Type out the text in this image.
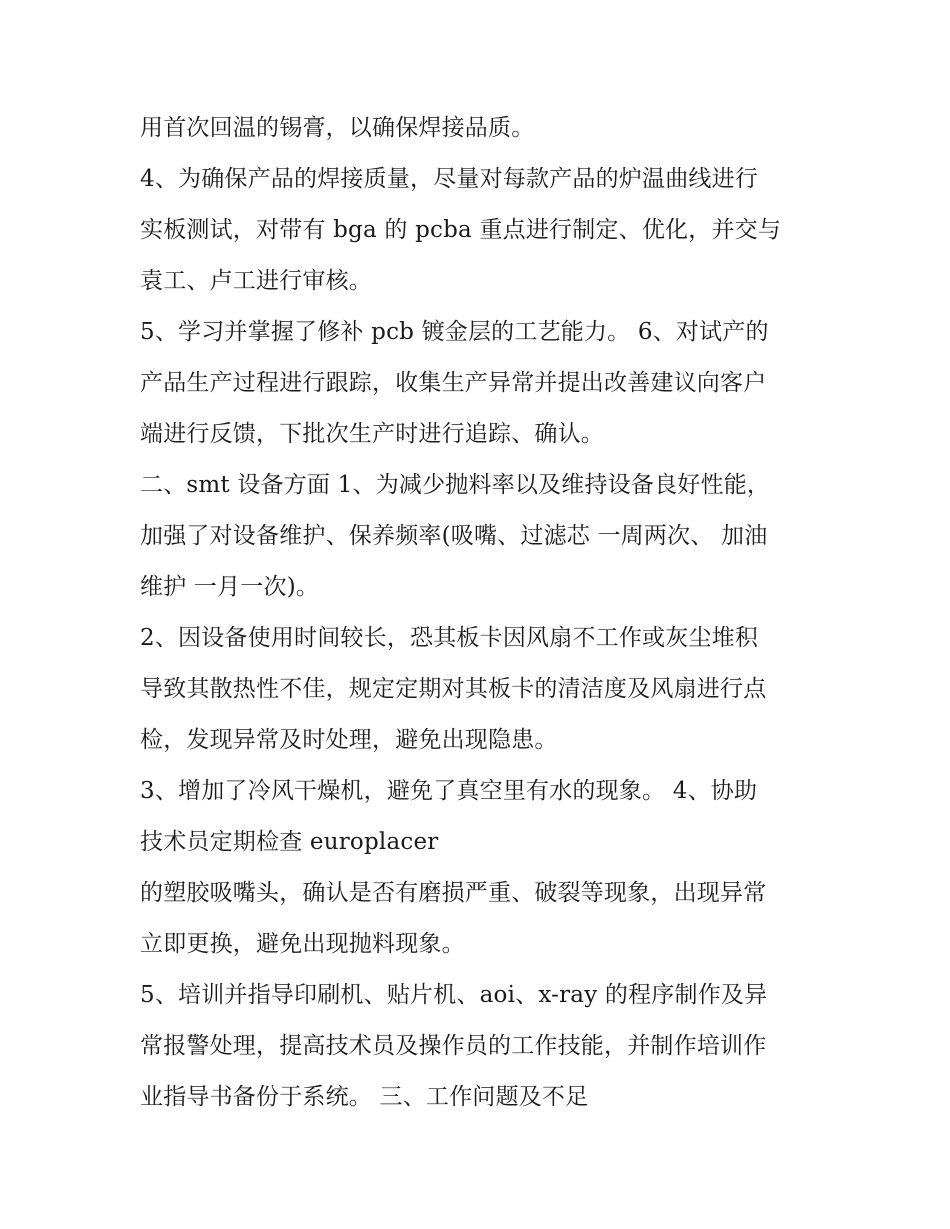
用首次回温的锡膏，以确保焊接品质。

4、为确保产品的焊接质量，尽量对每款产品的炉温曲线进行

实板测试，对带有 bga 的 pcba 重点进行制定、优化，并交与

袁工、卢工进行审核。

5、学习并掌握了修补 pcb 镀金层的工艺能力。 6、对试产的

产品生产过程进行跟踪，收集生产异常并提出改善建议向客户

端进行反馈，下批次生产时进行追踪、确认。

二、smt 设备方面 1、为减少抛料率以及维持设备良好性能，

加强了对设备维护、保养频率(吸嘴、过滤芯 一周两次、 加油

维护 一月一次)。

2、因设备使用时间较长，恐其板卡因风扇不工作或灰尘堆积

导致其散热性不佳，规定定期对其板卡的清洁度及风扇进行点

检，发现异常及时处理，避免出现隐患。

3、增加了冷风干燥机，避免了真空里有水的现象。 4、协助

技术员定期检查 europlacer

的塑胶吸嘴头，确认是否有磨损严重、破裂等现象，出现异常

立即更换，避免出现抛料现象。

5、培训并指导印刷机、贴片机、aoi、x-ray 的程序制作及异

常报警处理，提高技术员及操作员的工作技能，并制作培训作

业指导书备份于系统。 三、工作问题及不足
